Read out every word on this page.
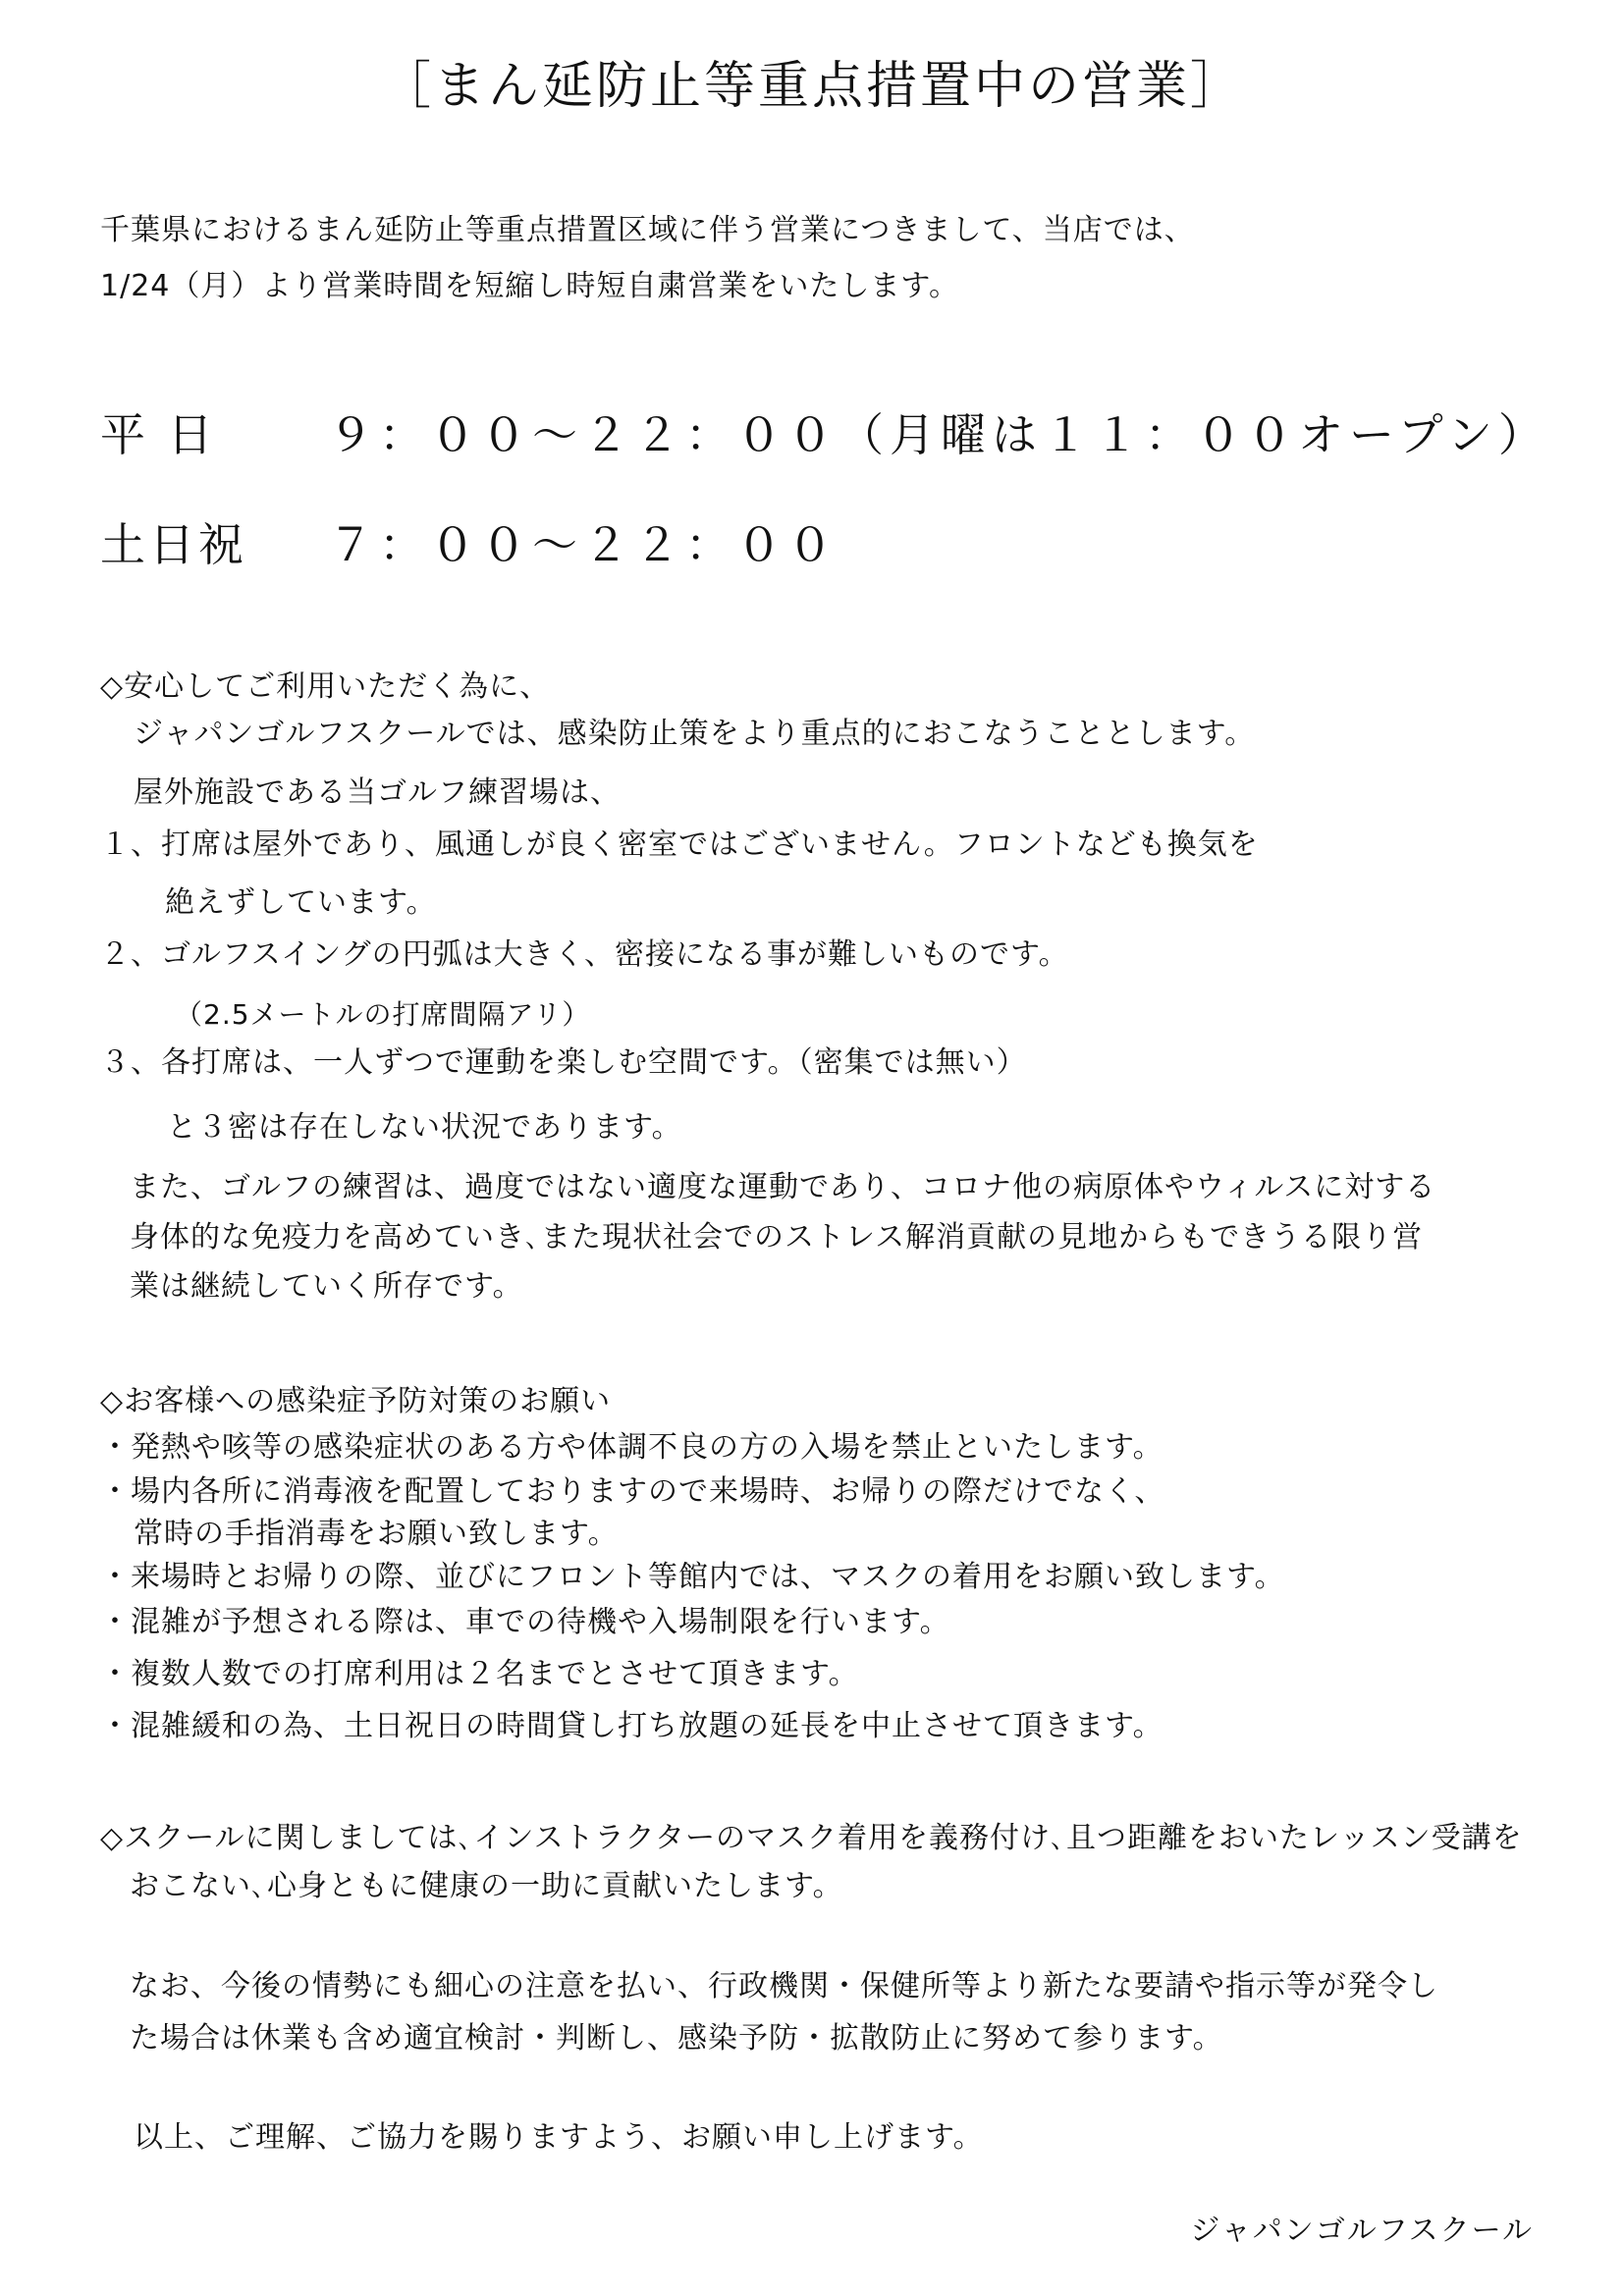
［まん延防止等重点措置中の営業］
千葉県におけるまん延防止等重点措置区域に伴う営業につきまして、当店では、
1/24（月）より営業時間を短縮し時短自粛営業をいたします。
平 日 ９：００～２２：００（月曜は１１：００オープン）
土日祝 ７：００～２２：００
◇安心してご利用いただく為に、
ジャパンゴルフスクールでは、感染防止策をより重点的におこなうこととします。
屋外施設である当ゴルフ練習場は、
１、打席は屋外であり、風通しが良く密室ではございません。フロントなども換気を
絶えずしています。
２、ゴルフスイングの円弧は大きく、密接になる事が難しいものです。
（2.5メートルの打席間隔アリ）
３、各打席は、一人ずつで運動を楽しむ空間です。（密集では無い）
と３密は存在しない状況であります。
また、ゴルフの練習は、過度ではない適度な運動であり、コロナ他の病原体やウィルスに対する
身体的な免疫力を高めていき､また現状社会でのストレス解消貢献の見地からもできうる限り営
業は継続していく所存です。
◇お客様への感染症予防対策のお願い
・発熱や咳等の感染症状のある方や体調不良の方の入場を禁止といたします。
・場内各所に消毒液を配置しておりますので来場時、お帰りの際だけでなく、
常時の手指消毒をお願い致します。
・来場時とお帰りの際、並びにフロント等館内では、マスクの着用をお願い致します。
・混雑が予想される際は、車での待機や入場制限を行います。
・複数人数での打席利用は２名までとさせて頂きます。
・混雑緩和の為、土日祝日の時間貸し打ち放題の延長を中止させて頂きます。
◇スクールに関しましては､インストラクターのマスク着用を義務付け､且つ距離をおいたレッスン受講を
おこない､心身ともに健康の一助に貢献いたします。
なお、今後の情勢にも細心の注意を払い、行政機関・保健所等より新たな要請や指示等が発令し
た場合は休業も含め適宜検討・判断し、感染予防・拡散防止に努めて参ります。
以上、ご理解、ご協力を賜りますよう、お願い申し上げます。
ジャパンゴルフスクール
